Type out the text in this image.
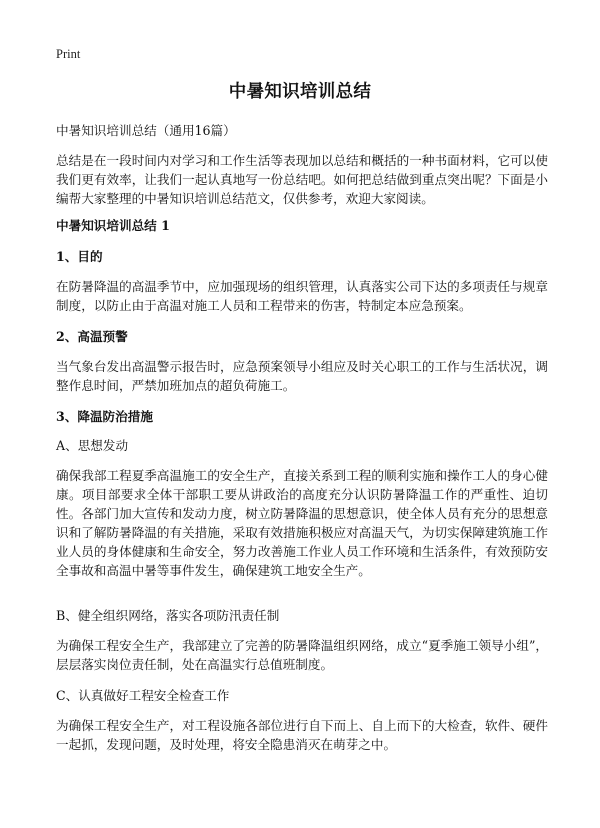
Print
中暑知识培训总结
中暑知识培训总结（通用16篇）
总结是在一段时间内对学习和工作生活等表现加以总结和概括的一种书面材料，它可以使我们更有效率，让我们一起认真地写一份总结吧。如何把总结做到重点突出呢？下面是小编帮大家整理的中暑知识培训总结范文，仅供参考，欢迎大家阅读。
中暑知识培训总结 1
1、目的
在防暑降温的高温季节中，应加强现场的组织管理，认真落实公司下达的多项责任与规章制度，以防止由于高温对施工人员和工程带来的伤害，特制定本应急预案。
2、高温预警
当气象台发出高温警示报告时，应急预案领导小组应及时关心职工的工作与生活状况，调整作息时间，严禁加班加点的超负荷施工。
3、降温防治措施
A、思想发动
确保我部工程夏季高温施工的安全生产，直接关系到工程的顺利实施和操作工人的身心健康。项目部要求全体干部职工要从讲政治的高度充分认识防暑降温工作的严重性、迫切性。各部门加大宣传和发动力度，树立防暑降温的思想意识，使全体人员有充分的思想意识和了解防暑降温的有关措施，采取有效措施积极应对高温天气，为切实保障建筑施工作业人员的身体健康和生命安全，努力改善施工作业人员工作环境和生活条件，有效预防安全事故和高温中暑等事件发生，确保建筑工地安全生产。
B、健全组织网络，落实各项防汛责任制
为确保工程安全生产，我部建立了完善的防暑降温组织网络，成立“夏季施工领导小组”，层层落实岗位责任制，处在高温实行总值班制度。
C、认真做好工程安全检查工作
为确保工程安全生产，对工程设施各部位进行自下而上、自上而下的大检查，软件、硬件一起抓，发现问题，及时处理，将安全隐患消灭在萌芽之中。
